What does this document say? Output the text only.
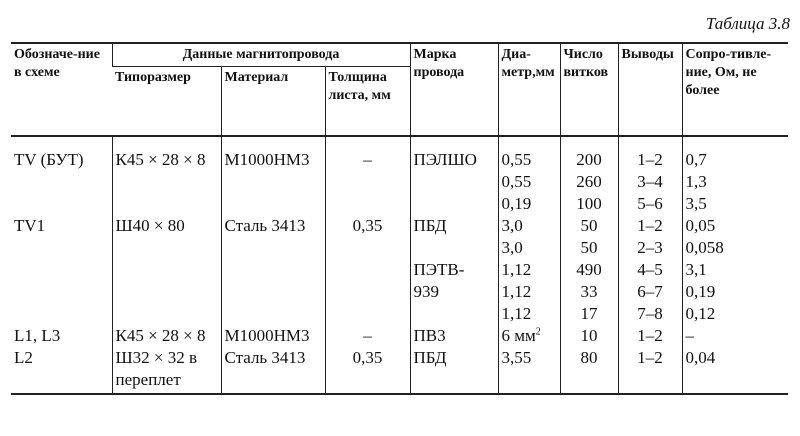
Таблица 3.8
Обозначе-ние в схеме	Данные магнитопровода			Марка провода	Диа-метр,мм	Число витков	Выводы	Сопро-тивле-ние, Ом, не более
	Типоразмер	Материал	Толщина листа, мм					
TV (БУТ)	К45 × 28 × 8	М1000НМ3	–	ПЭЛШО	0,55	200	1–2	0,7
					0,55	260	3–4	1,3
					0,19	100	5–6	3,5
TV1	Ш40 × 80	Сталь 3413	0,35	ПБД	3,0	50	1–2	0,05
					3,0	50	2–3	0,058
				ПЭТВ-	1,12	490	4–5	3,1
				939	1,12	33	6–7	0,19
					1,12	17	7–8	0,12
L1, L3	К45 × 28 × 8	М1000НМ3	–	ПВ3	6 $мм^2$	10	1–2	–
L2	Ш32 × 32 в переплет	Сталь 3413	0,35	ПБД	3,55	80	1–2	0,04
